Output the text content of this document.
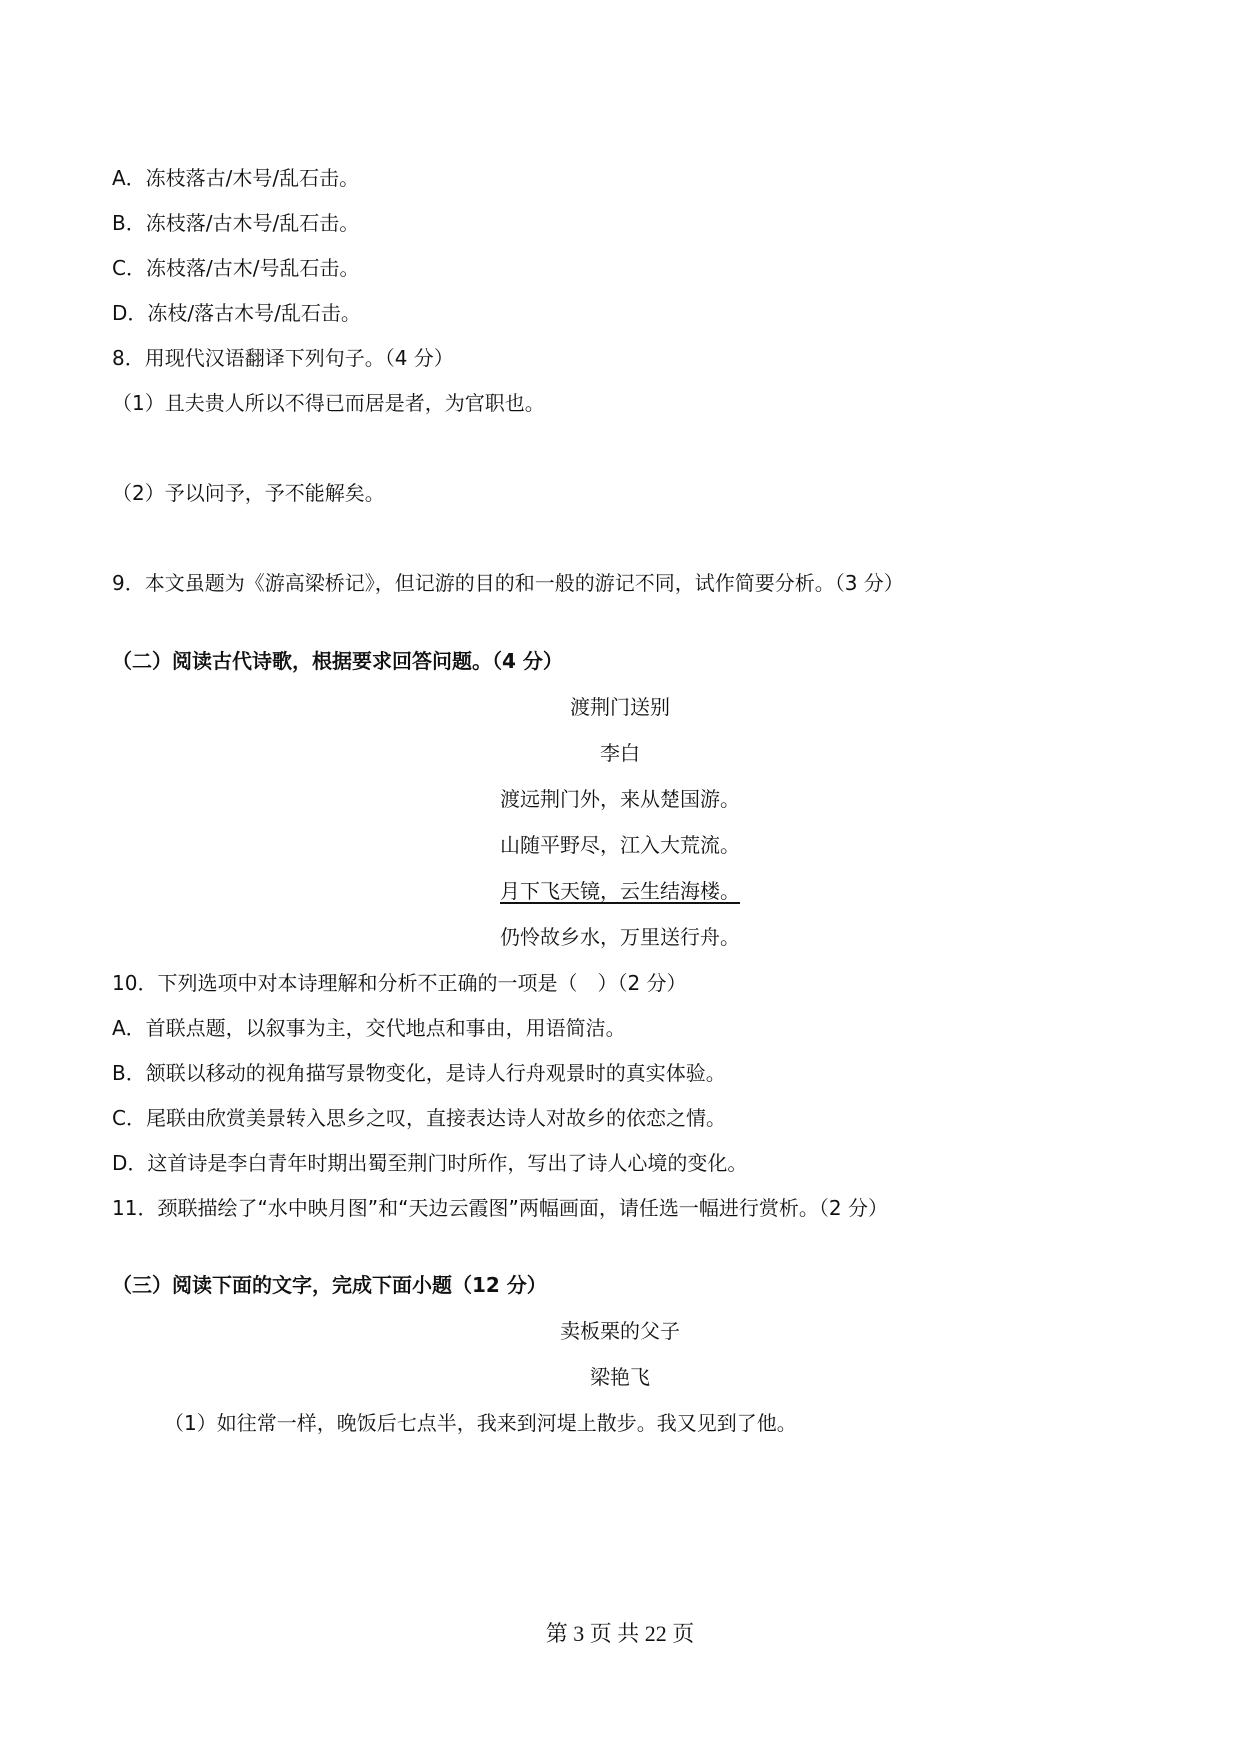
A．冻枝落古/木号/乱石击。
B．冻枝落/古木号/乱石击。
C．冻枝落/古木/号乱石击。
D．冻枝/落古木号/乱石击。
8．用现代汉语翻译下列句子。（4 分）
（1）且夫贵人所以不得已而居是者，为官职也。
（2）予以问予，予不能解矣。
9．本文虽题为《游高梁桥记》，但记游的目的和一般的游记不同，试作简要分析。（3 分）
（二）阅读古代诗歌，根据要求回答问题。（4 分）
渡荆门送别
李白
渡远荆门外，来从楚国游。
山随平野尽，江入大荒流。
月下飞天镜，云生结海楼。
仍怜故乡水，万里送行舟。
10．下列选项中对本诗理解和分析不正确的一项是（　）（2 分）
A．首联点题，以叙事为主，交代地点和事由，用语简洁。
B．颔联以移动的视角描写景物变化，是诗人行舟观景时的真实体验。
C．尾联由欣赏美景转入思乡之叹，直接表达诗人对故乡的依恋之情。
D．这首诗是李白青年时期出蜀至荆门时所作，写出了诗人心境的变化。
11．颈联描绘了“水中映月图”和“天边云霞图”两幅画面，请任选一幅进行赏析。（2 分）
（三）阅读下面的文字，完成下面小题（12 分）
卖板栗的父子
梁艳飞
（1）如往常一样，晚饭后七点半，我来到河堤上散步。我又见到了他。
第 3 页 共 22 页
